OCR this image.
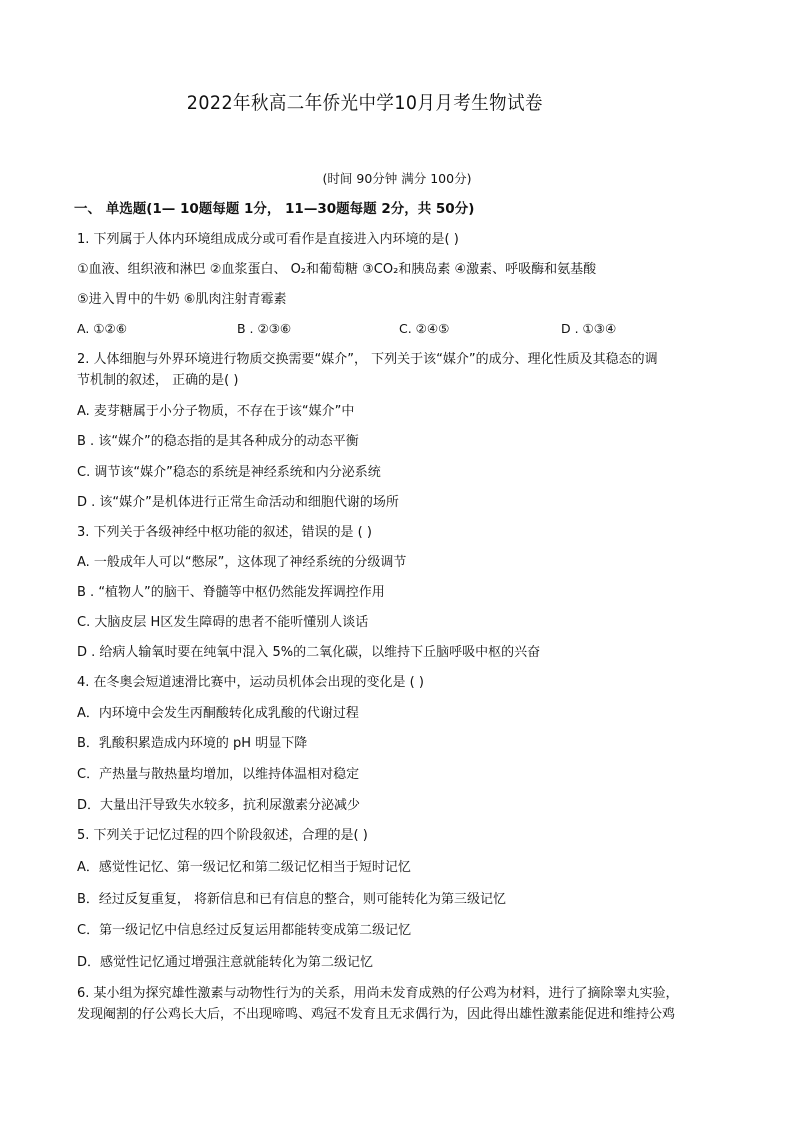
2022年秋高二年侨光中学10月月考生物试卷
(时间 90分钟 满分 100分)
一、 单选题(1— 10题每题 1分， 11—30题每题 2分，共 50分)
1. 下列属于人体内环境组成成分或可看作是直接进入内环境的是( )
①血液、组织液和淋巴 ②血浆蛋白、 O₂和葡萄糖 ③CO₂和胰岛素 ④激素、呼吸酶和氨基酸
⑤进入胃中的牛奶 ⑥肌肉注射青霉素
A. ①②⑥	B . ②③⑥	C. ②④⑤	D . ①③④
2. 人体细胞与外界环境进行物质交换需要“媒介”， 下列关于该“媒介”的成分、理化性质及其稳态的调
节机制的叙述， 正确的是( )
A. 麦芽糖属于小分子物质，不存在于该“媒介”中
B . 该“媒介”的稳态指的是其各种成分的动态平衡
C. 调节该“媒介”稳态的系统是神经系统和内分泌系统
D . 该“媒介”是机体进行正常生命活动和细胞代谢的场所
3. 下列关于各级神经中枢功能的叙述，错误的是 ( )
A. 一般成年人可以“憋尿”，这体现了神经系统的分级调节
B . “植物人”的脑干、脊髓等中枢仍然能发挥调控作用
C. 大脑皮层 H区发生障碍的患者不能听懂别人谈话
D . 给病人输氧时要在纯氧中混入 5%的二氧化碳，以维持下丘脑呼吸中枢的兴奋
4. 在冬奥会短道速滑比赛中，运动员机体会出现的变化是 ( )
A．内环境中会发生丙酮酸转化成乳酸的代谢过程
B．乳酸积累造成内环境的 pH 明显下降
C．产热量与散热量均增加，以维持体温相对稳定
D．大量出汗导致失水较多，抗利尿激素分泌减少
5. 下列关于记忆过程的四个阶段叙述，合理的是( )
A．感觉性记忆、第一级记忆和第二级记忆相当于短时记忆
B．经过反复重复， 将新信息和已有信息的整合，则可能转化为第三级记忆
C．第一级记忆中信息经过反复运用都能转变成第二级记忆
D．感觉性记忆通过增强注意就能转化为第二级记忆
6. 某小组为探究雄性激素与动物性行为的关系，用尚未发育成熟的仔公鸡为材料，进行了摘除睾丸实验，
发现阉割的仔公鸡长大后，不出现啼鸣、鸡冠不发育且无求偶行为，因此得出雄性激素能促进和维持公鸡
